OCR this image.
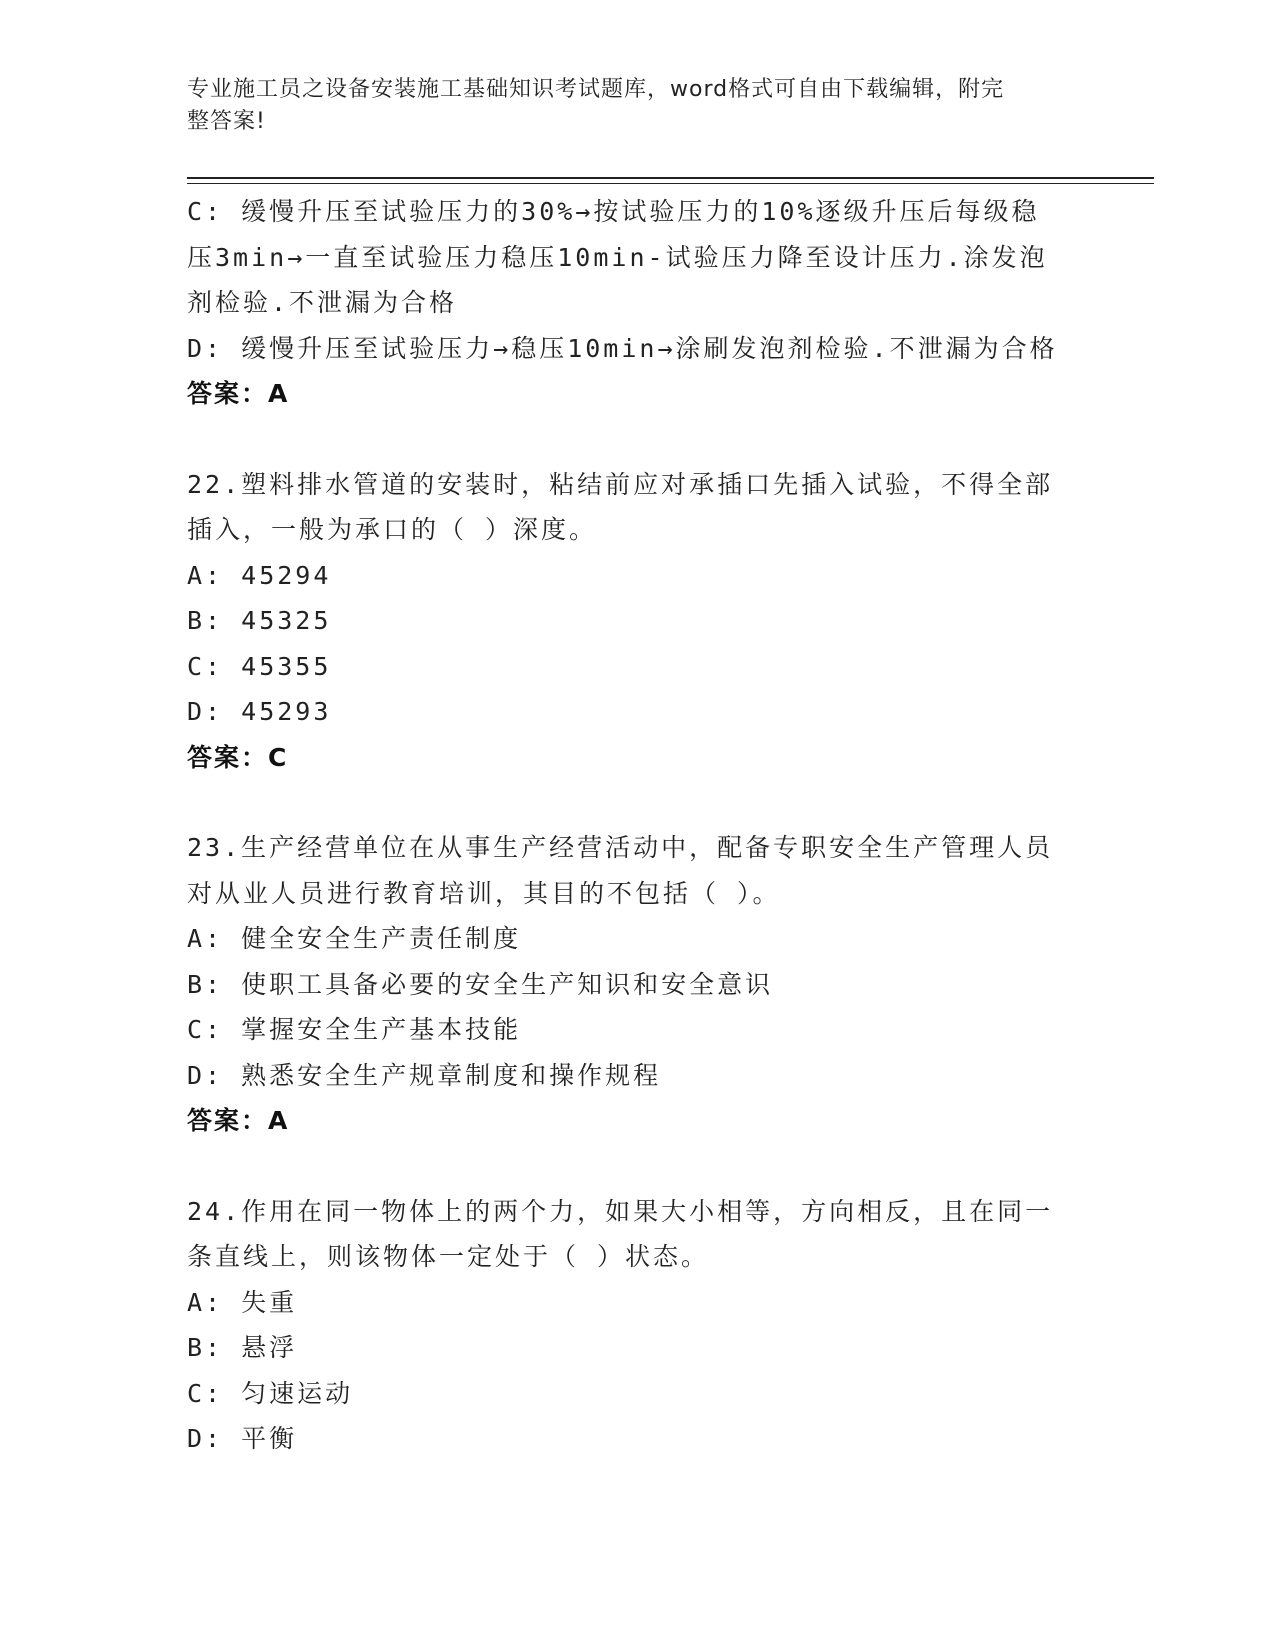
专业施工员之设备安装施工基础知识考试题库，word格式可自由下载编辑，附完
整答案!
C: 缓慢升压至试验压力的30%→按试验压力的10%逐级升压后每级稳
压3min→一直至试验压力稳压10min-试验压力降至设计压力.涂发泡
剂检验.不泄漏为合格
D: 缓慢升压至试验压力→稳压10min→涂刷发泡剂检验.不泄漏为合格
答案：A
22.塑料排水管道的安装时，粘结前应对承插口先插入试验，不得全部
插入，一般为承口的（ ）深度。
A: 45294
B: 45325
C: 45355
D: 45293
答案：C
23.生产经营单位在从事生产经营活动中，配备专职安全生产管理人员
对从业人员进行教育培训，其目的不包括（ ）。
A: 健全安全生产责任制度
B: 使职工具备必要的安全生产知识和安全意识
C: 掌握安全生产基本技能
D: 熟悉安全生产规章制度和操作规程
答案：A
24.作用在同一物体上的两个力，如果大小相等，方向相反，且在同一
条直线上，则该物体一定处于（ ）状态。
A: 失重
B: 悬浮
C: 匀速运动
D: 平衡
